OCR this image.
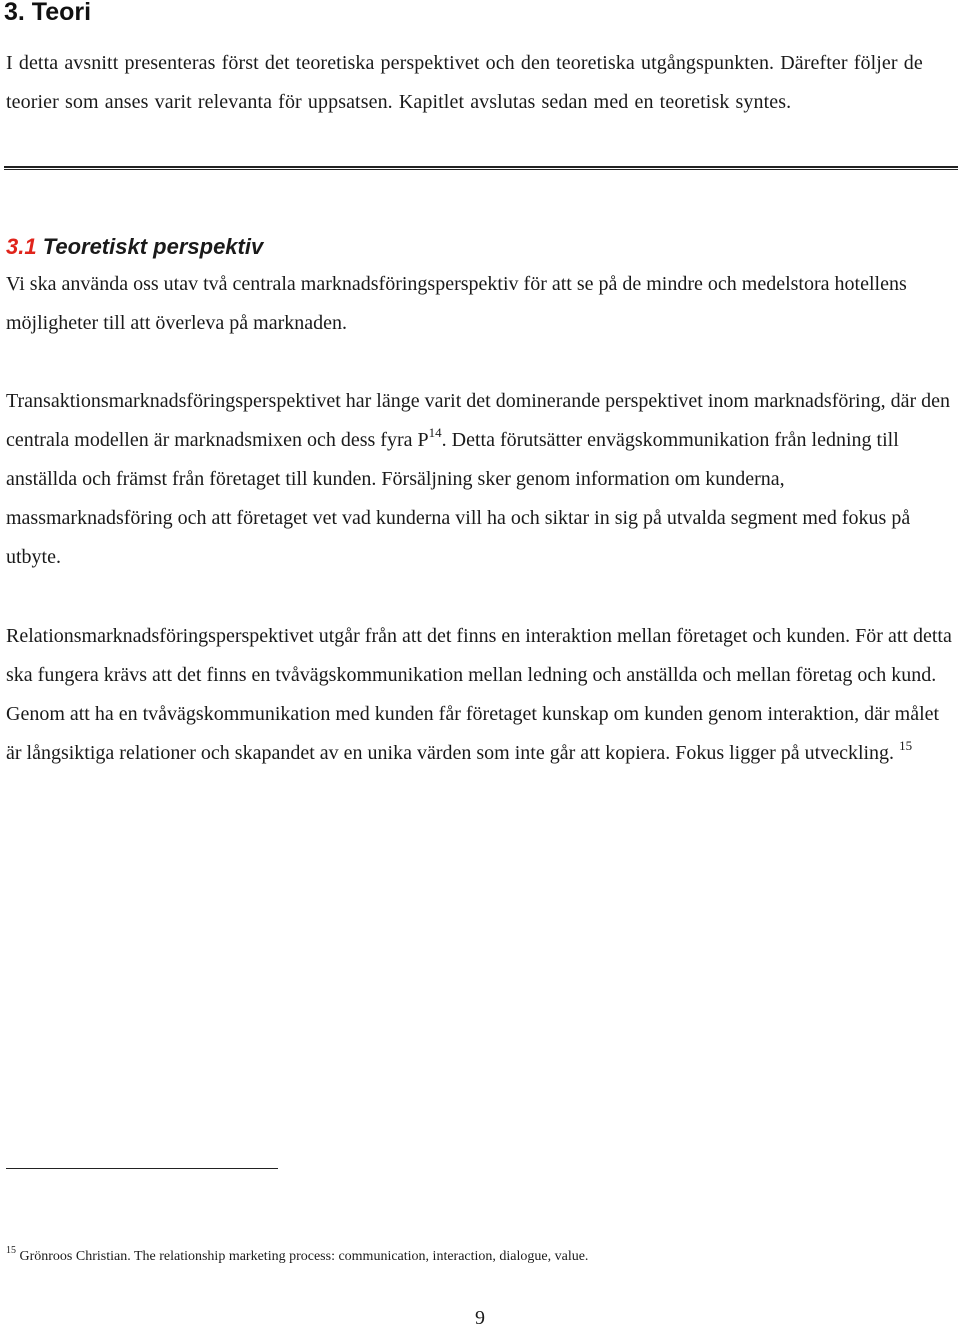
3. Teori

I detta avsnitt presenteras först det teoretiska perspektivet och den teoretiska utgångspunkten. Därefter följer de teorier som anses varit relevanta för uppsatsen. Kapitlet avslutas sedan med en teoretisk syntes.

3.1 Teoretiskt perspektiv

Vi ska använda oss utav två centrala marknadsföringsperspektiv för att se på de mindre och medelstora hotellens möjligheter till att överleva på marknaden.

Transaktionsmarknadsföringsperspektivet har länge varit det dominerande perspektivet inom marknadsföring, där den centrala modellen är marknadsmixen och dess fyra $P^{14}$. Detta förutsätter envägskommunikation från ledning till anställda och främst från företaget till kunden. Försäljning sker genom information om kunderna, massmarknadsföring och att företaget vet vad kunderna vill ha och siktar in sig på utvalda segment med fokus på utbyte.

Relationsmarknadsföringsperspektivet utgår från att det finns en interaktion mellan företaget och kunden. För att detta ska fungera krävs att det finns en tvåvägskommunikation mellan ledning och anställda och mellan företag och kund. Genom att ha en tvåvägskommunikation med kunden får företaget kunskap om kunden genom interaktion, där målet är långsiktiga relationer och skapandet av en unika värden som inte går att kopiera. Fokus ligger på utveckling. $^{15}$

$^{15}$ Grönroos Christian. The relationship marketing process: communication, interaction, dialogue, value.

9
